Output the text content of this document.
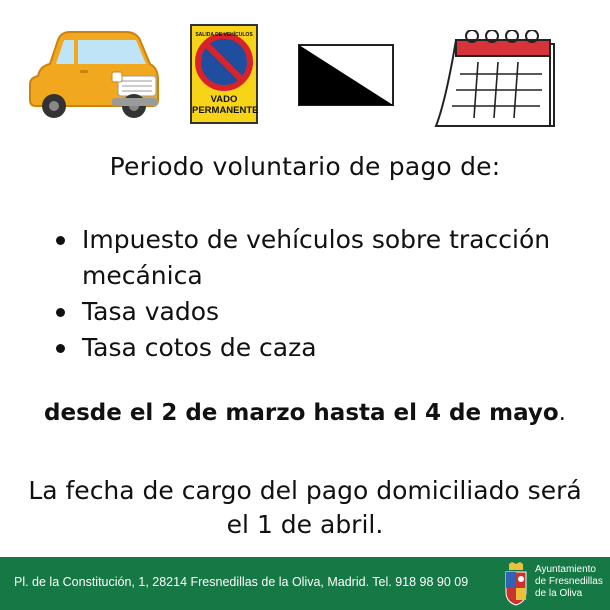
SALIDA DE VEHÍCULOS
VADO
PERMANENTE
Periodo voluntario de pago de:
Impuesto de vehículos sobre tracción mecánica
Tasa vados
Tasa cotos de caza
desde el 2 de marzo hasta el 4 de mayo.
La fecha de cargo del pago domiciliado será el 1 de abril.
Pl. de la Constitución, 1, 28214 Fresnedillas de la Oliva, Madrid. Tel. 918 98 90 09
Ayuntamiento
de Fresnedillas
de la Oliva
